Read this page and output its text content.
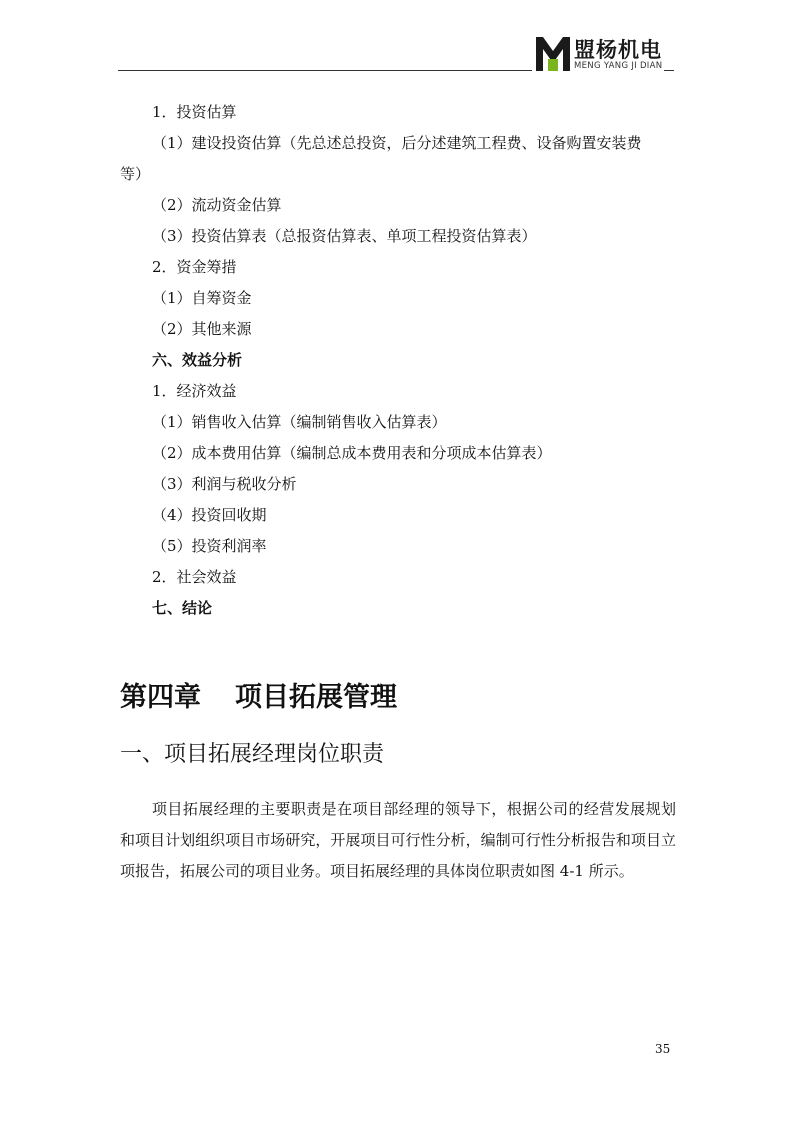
盟杨机电
MENG YANG JI DIAN
1．投资估算
（1）建设投资估算（先总述总投资，后分述建筑工程费、设备购置安装费
等）
（2）流动资金估算
（3）投资估算表（总报资估算表、单项工程投资估算表）
2．资金筹措
（1）自筹资金
（2）其他来源
六、效益分析
1．经济效益
（1）销售收入估算（编制销售收入估算表）
（2）成本费用估算（编制总成本费用表和分项成本估算表）
（3）利润与税收分析
（4）投资回收期
（5）投资利润率
2．社会效益
七、结论
第四章 项目拓展管理
一、项目拓展经理岗位职责
项目拓展经理的主要职责是在项目部经理的领导下，根据公司的经营发展规划和项目计划组织项目市场研究，开展项目可行性分析，编制可行性分析报告和项目立项报告，拓展公司的项目业务。项目拓展经理的具体岗位职责如图 4-1 所示。
35
